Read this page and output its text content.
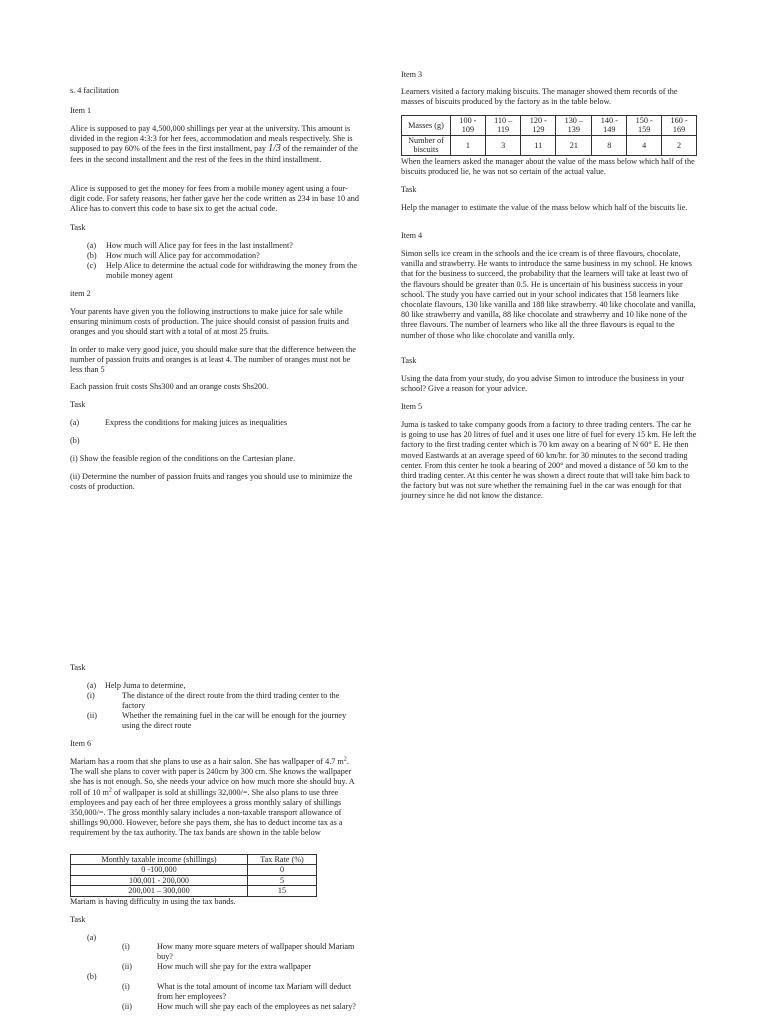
s. 4 facilitation

Item 1

Alice is supposed to pay 4,500,000 shillings per year at the university. This amount is divided in the region 4:3:3 for her fees, accommodation and meals respectively. She is supposed to pay 60% of the fees in the first installment, pay 1/3 of the remainder of the fees in the second installment and the rest of the fees in the third installment.

Alice is supposed to get the money for fees from a mobile money agent using a four-digit code. For safety reasons, her father gave her the code written as 234 in base 10 and Alice has to convert this code to base six to get the actual code.

Task

(a) How much will Alice pay for fees in the last installment?
(b) How much will Alice pay for accommodation?
(c) Help Alice to determine the actual code for withdrawing the money from the mobile money agent

item 2

Your parents have given you the following instructions to make juice for sale while ensuring minimum costs of production. The juice should consist of passion fruits and oranges and you should start with a total of at most 25 fruits.

In order to make very good juice, you should make sure that the difference between the number of passion fruits and oranges is at least 4. The number of oranges must not be less than 5

Each passion fruit costs Shs300 and an orange costs Shs200.

Task

(a)	Express the conditions for making juices as inequalities

(b)

(i) Show the feasible region of the conditions on the Cartesian plane.

(ii) Determine the number of passion fruits and ranges you should use to minimize the costs of production.

Item 3

Learners visited a factory making biscuits. The manager showed them records of the masses of biscuits produced by the factory as in the table below.

Masses (g)	100 - 109	110 – 119	120 - 129	130 – 139	140 - 149	150 - 159	160 - 169
Number of biscuits	1	3	11	21	8	4	2

When the learners asked the manager about the value of the mass below which half of the biscuits produced lie, he was not so certain of the actual value.

Task

Help the manager to estimate the value of the mass below which half of the biscuits lie.

Item 4

Simon sells ice cream in the schools and the ice cream is of three flavours, chocolate, vanilla and strawberry. He wants to introduce the same business in my school. He knows that for the business to succeed, the probability that the learners will take at least two of the flavours should be greater than 0.5. He is uncertain of his business success in your school. The study you have carried out in your school indicates that 158 learners like chocolate flavours, 130 like vanilla and 188 like strawberry. 40 like chocolate and vanilla, 80 like strawberry and vanilla, 88 like chocolate and strawberry and 10 like none of the three flavours. The number of learners who like all the three flavours is equal to the number of those who like chocolate and vanilla only.

Task

Using the data from your study, do you advise Simon to introduce the business in your school? Give a reason for your advice.

Item 5

Juma is tasked to take company goods from a factory to three trading centers. The car he is going to use has 20 litres of fuel and it uses one litre of fuel for every 15 km. He left the factory to the first trading center which is 70 km away on a bearing of N 60° E. He then moved Eastwards at an average speed of 60 km/hr. for 30 minutes to the second trading center. From this center he took a bearing of 200° and moved a distance of 50 km to the third trading center. At this center he was shown a direct route that will take him back to the factory but was not sure whether the remaining fuel in the car was enough for that journey since he did not know the distance.

Task

(a) Help Juma to determine,
(i)	The distance of the direct route from the third trading center to the factory
(ii)	Whether the remaining fuel in the car will be enough for the journey using the direct route

Item 6

Mariam has a room that she plans to use as a hair salon. She has wallpaper of 4.7 $m^2$. The wall she plans to cover with paper is 240cm by 300 cm. She knows the wallpaper she has is not enough. So, she needs your advice on how much more she should buy. A roll of 10 $m^2$ of wallpaper is sold at shillings 32,000/=. She also plans to use three employees and pay each of her three employees a gross monthly salary of shillings 350,000/=. The gross monthly salary includes a non-taxable transport allowance of shillings 90,000. However, before she pays them, she has to deduct income tax as a requirement by the tax authority. The tax bands are shown in the table below

Monthly taxable income (shillings)	Tax Rate (%)
0 -100,000	0
100,001 - 200,000	5
200,001 – 300,000	15

Mariam is having difficulty in using the tax bands.

Task

(a)
(i)	How many more square meters of wallpaper should Mariam buy?
(ii)	How much will she pay for the extra wallpaper
(b)
(i)	What is the total amount of income tax Mariam will deduct from her employees?
(ii)	How much will she pay each of the employees as net salary?
